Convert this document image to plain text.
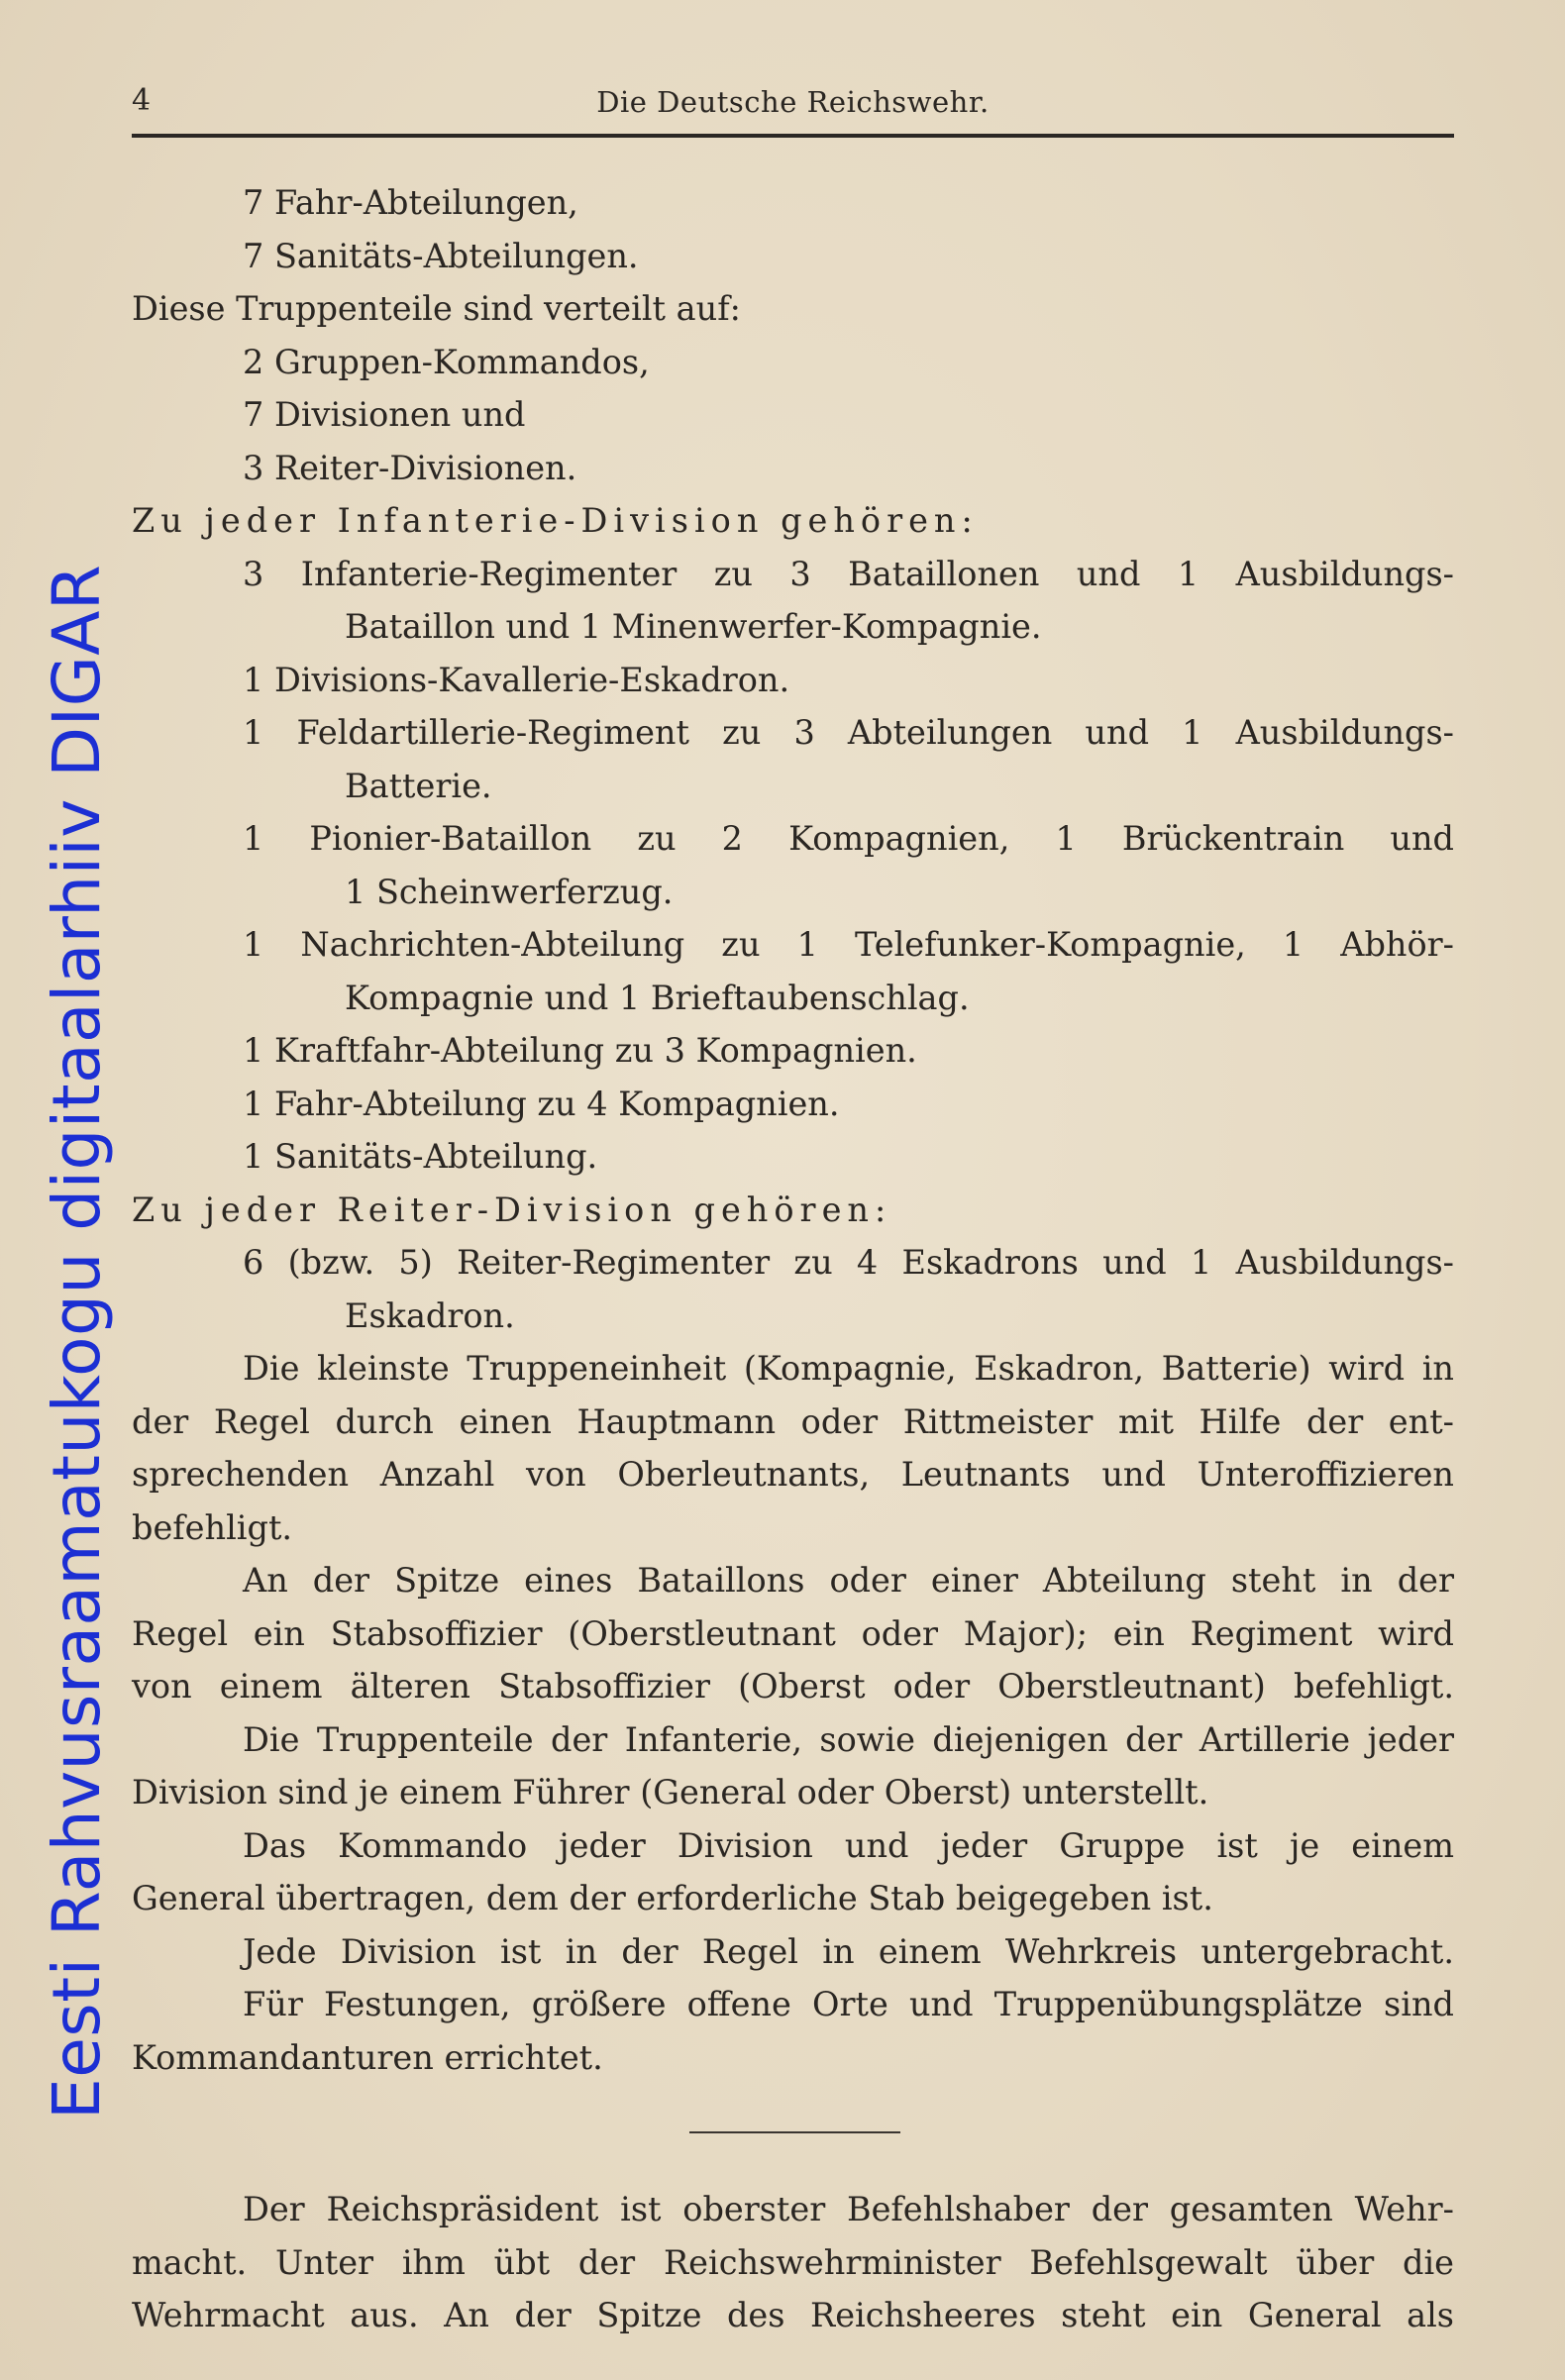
Eesti Rahvusraamatukogu digitaalarhiiv DIGAR
4	Die Deutsche Reichswehr.
7 Fahr-Abteilungen,
7 Sanitäts-Abteilungen.
Diese Truppenteile sind verteilt auf:
2 Gruppen-Kommandos,
7 Divisionen und
3 Reiter-Divisionen.
Zu jeder Infanterie-Division gehören:
3 Infanterie-Regimenter zu 3 Bataillonen und 1 Ausbildungs-
Bataillon und 1 Minenwerfer-Kompagnie.
1 Divisions-Kavallerie-Eskadron.
1 Feldartillerie-Regiment zu 3 Abteilungen und 1 Ausbildungs-
Batterie.
1 Pionier-Bataillon zu 2 Kompagnien, 1 Brückentrain und
1 Scheinwerferzug.
1 Nachrichten-Abteilung zu 1 Telefunker-Kompagnie, 1 Abhör-
Kompagnie und 1 Brieftaubenschlag.
1 Kraftfahr-Abteilung zu 3 Kompagnien.
1 Fahr-Abteilung zu 4 Kompagnien.
1 Sanitäts-Abteilung.
Zu jeder Reiter-Division gehören:
6 (bzw. 5) Reiter-Regimenter zu 4 Eskadrons und 1 Ausbildungs-
Eskadron.
Die kleinste Truppeneinheit (Kompagnie, Eskadron, Batterie) wird in
der Regel durch einen Hauptmann oder Rittmeister mit Hilfe der ent-
sprechenden Anzahl von Oberleutnants, Leutnants und Unteroffizieren
befehligt.
An der Spitze eines Bataillons oder einer Abteilung steht in der
Regel ein Stabsoffizier (Oberstleutnant oder Major); ein Regiment wird
von einem älteren Stabsoffizier (Oberst oder Oberstleutnant) befehligt.
Die Truppenteile der Infanterie, sowie diejenigen der Artillerie jeder
Division sind je einem Führer (General oder Oberst) unterstellt.
Das Kommando jeder Division und jeder Gruppe ist je einem
General übertragen, dem der erforderliche Stab beigegeben ist.
Jede Division ist in der Regel in einem Wehrkreis untergebracht.
Für Festungen, größere offene Orte und Truppenübungsplätze sind
Kommandanturen errichtet.
Der Reichspräsident ist oberster Befehlshaber der gesamten Wehr-
macht. Unter ihm übt der Reichswehrminister Befehlsgewalt über die
Wehrmacht aus. An der Spitze des Reichsheeres steht ein General als
